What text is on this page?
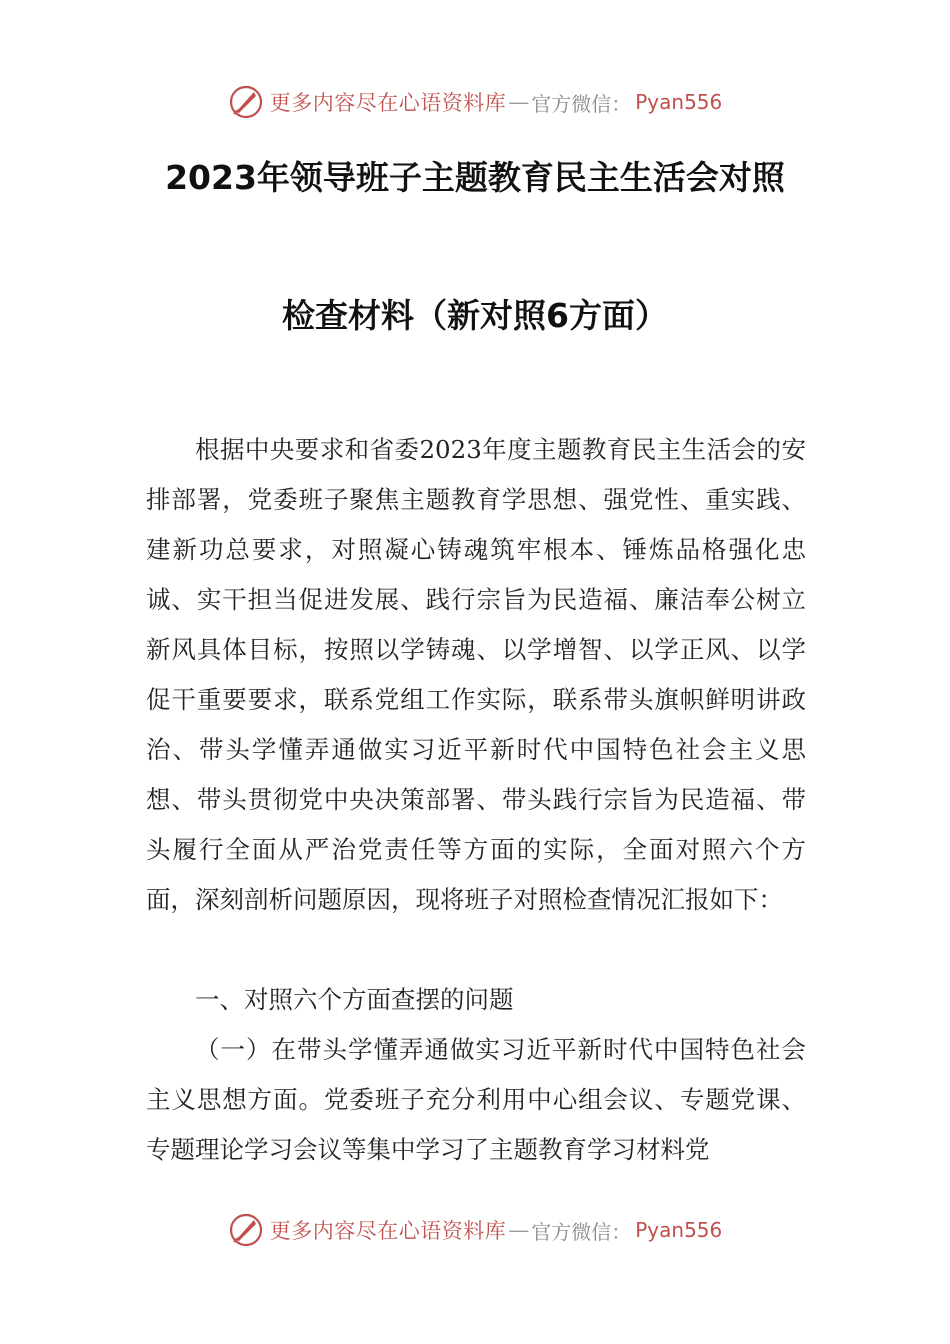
更多内容尽在心语资料库 — 官方微信： Pyan556
2023年领导班子主题教育民主生活会对照
检查材料（新对照6方面）

根据中央要求和省委2023年度主题教育民主生活会的安排部署，党委班子聚焦主题教育学思想、强党性、重实践、建新功总要求，对照凝心铸魂筑牢根本、锤炼品格强化忠诚、实干担当促进发展、践行宗旨为民造福、廉洁奉公树立新风具体目标，按照以学铸魂、以学增智、以学正风、以学促干重要要求，联系党组工作实际，联系带头旗帜鲜明讲政治、带头学懂弄通做实习近平新时代中国特色社会主义思想、带头贯彻党中央决策部署、带头践行宗旨为民造福、带头履行全面从严治党责任等方面的实际，全面对照六个方面，深刻剖析问题原因，现将班子对照检查情况汇报如下：

一、对照六个方面查摆的问题

（一）在带头学懂弄通做实习近平新时代中国特色社会主义思想方面。党委班子充分利用中心组会议、专题党课、专题理论学习会议等集中学习了主题教育学习材料党

更多内容尽在心语资料库 — 官方微信： Pyan556
